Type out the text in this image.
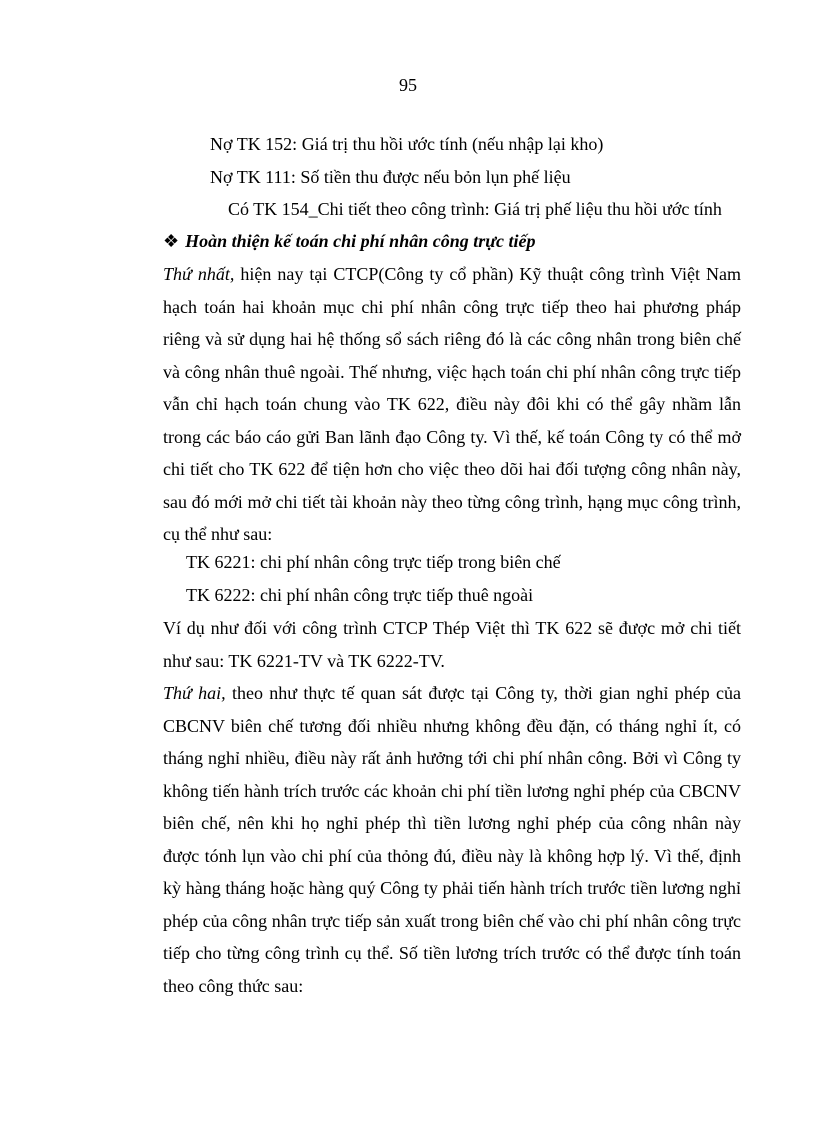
95
Nợ TK 152: Giá trị thu hồi ước tính (nếu nhập lại kho)
Nợ TK 111: Số tiền thu được nếu bỏn lụn phế liệu
Có TK 154_Chi tiết theo công trình: Giá trị phế liệu thu hồi ước tính
❖ Hoàn thiện kế toán chi phí nhân công trực tiếp

Thứ nhất, hiện nay tại CTCP(Công ty cổ phần) Kỹ thuật công trình Việt Nam hạch toán hai khoản mục chi phí nhân công trực tiếp theo hai phương pháp riêng và sử dụng hai hệ thống sổ sách riêng đó là các công nhân trong biên chế và công nhân thuê ngoài. Thế nhưng, việc hạch toán chi phí nhân công trực tiếp vẫn chỉ hạch toán chung vào TK 622, điều này đôi khi có thể gây nhầm lẫn trong các báo cáo gửi Ban lãnh đạo Công ty. Vì thế, kế toán Công ty có thể mở chi tiết cho TK 622 để tiện hơn cho việc theo dõi hai đối tượng công nhân này, sau đó mới mở chi tiết tài khoản này theo từng công trình, hạng mục công trình, cụ thể như sau:

TK 6221: chi phí nhân công trực tiếp trong biên chế
TK 6222: chi phí nhân công trực tiếp thuê ngoài
Ví dụ như đối với công trình CTCP Thép Việt thì TK 622 sẽ được mở chi tiết như sau: TK 6221-TV và TK 6222-TV.
Thứ hai, theo như thực tế quan sát được tại Công ty, thời gian nghỉ phép của CBCNV biên chế tương đối nhiều nhưng không đều đặn, có tháng nghỉ ít, có tháng nghỉ nhiều, điều này rất ảnh hưởng tới chi phí nhân công. Bởi vì Công ty không tiến hành trích trước các khoản chi phí tiền lương nghỉ phép của CBCNV biên chế, nên khi họ nghỉ phép thì tiền lương nghỉ phép của công nhân này được tónh lụn vào chi phí của thỏng đú, điều này là không hợp lý. Vì thế, định kỳ hàng tháng hoặc hàng quý Công ty phải tiến hành trích trước tiền lương nghỉ phép của công nhân trực tiếp sản xuất trong biên chế vào chi phí nhân công trực tiếp cho từng công trình cụ thể. Số tiền lương trích trước có thể được tính toán theo công thức sau:
